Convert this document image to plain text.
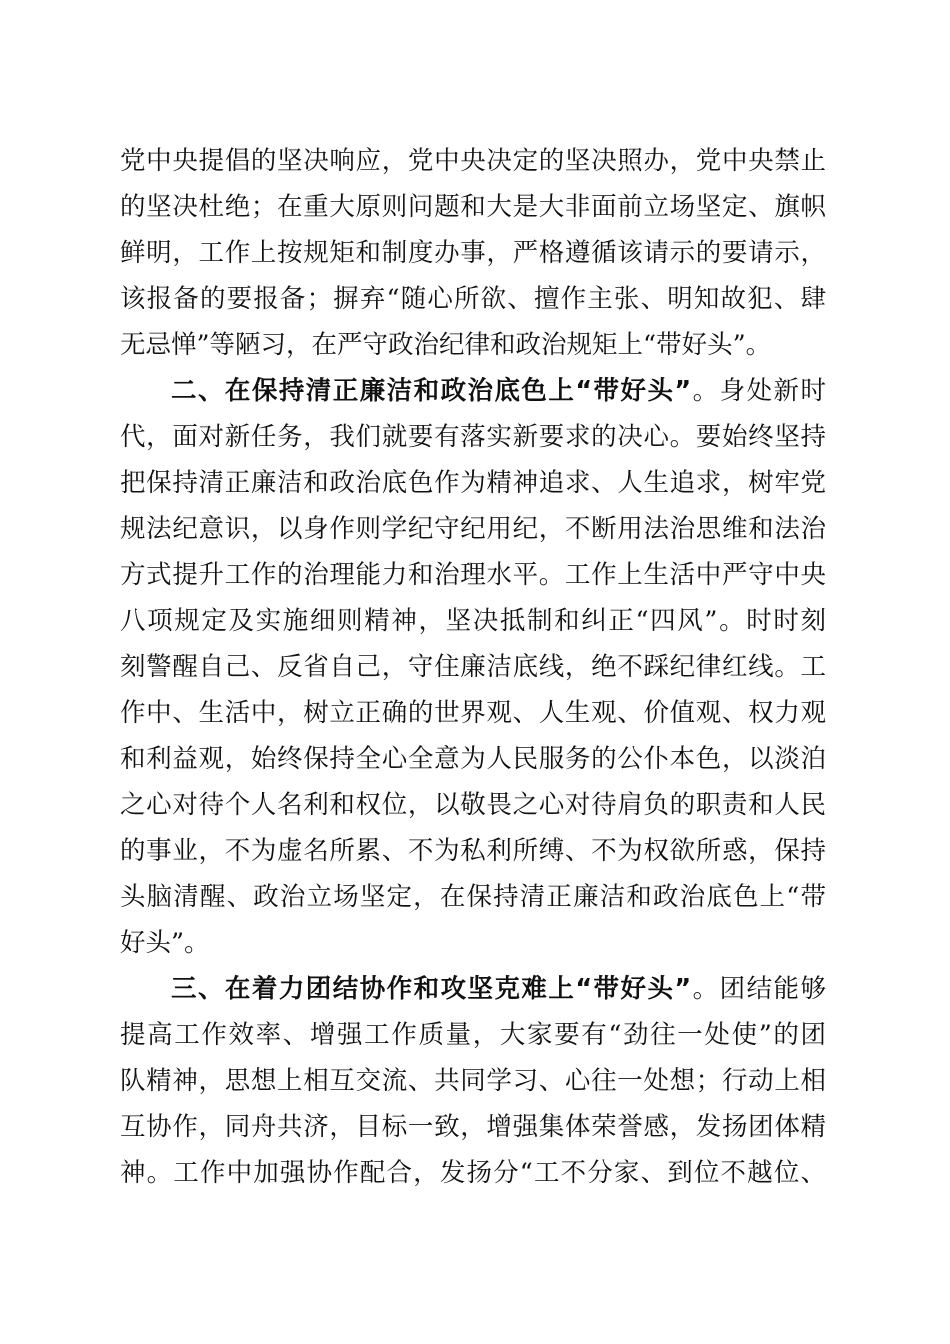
党中央提倡的坚决响应，党中央决定的坚决照办，党中央禁止
的坚决杜绝；在重大原则问题和大是大非面前立场坚定、旗帜
鲜明，工作上按规矩和制度办事，严格遵循该请示的要请示，
该报备的要报备；摒弃“随心所欲、擅作主张、明知故犯、肆
无忌惮”等陋习，在严守政治纪律和政治规矩上“带好头”。
二、在保持清正廉洁和政治底色上“带好头”。身处新时
代，面对新任务，我们就要有落实新要求的决心。要始终坚持
把保持清正廉洁和政治底色作为精神追求、人生追求，树牢党
规法纪意识，以身作则学纪守纪用纪，不断用法治思维和法治
方式提升工作的治理能力和治理水平。工作上生活中严守中央
八项规定及实施细则精神，坚决抵制和纠正“四风”。时时刻
刻警醒自己、反省自己，守住廉洁底线，绝不踩纪律红线。工
作中、生活中，树立正确的世界观、人生观、价值观、权力观
和利益观，始终保持全心全意为人民服务的公仆本色，以淡泊
之心对待个人名利和权位，以敬畏之心对待肩负的职责和人民
的事业，不为虚名所累、不为私利所缚、不为权欲所惑，保持
头脑清醒、政治立场坚定，在保持清正廉洁和政治底色上“带
好头”。
三、在着力团结协作和攻坚克难上“带好头”。团结能够
提高工作效率、增强工作质量，大家要有“劲往一处使”的团
队精神，思想上相互交流、共同学习、心往一处想；行动上相
互协作，同舟共济，目标一致，增强集体荣誉感，发扬团体精
神。工作中加强协作配合，发扬分“工不分家、到位不越位、
